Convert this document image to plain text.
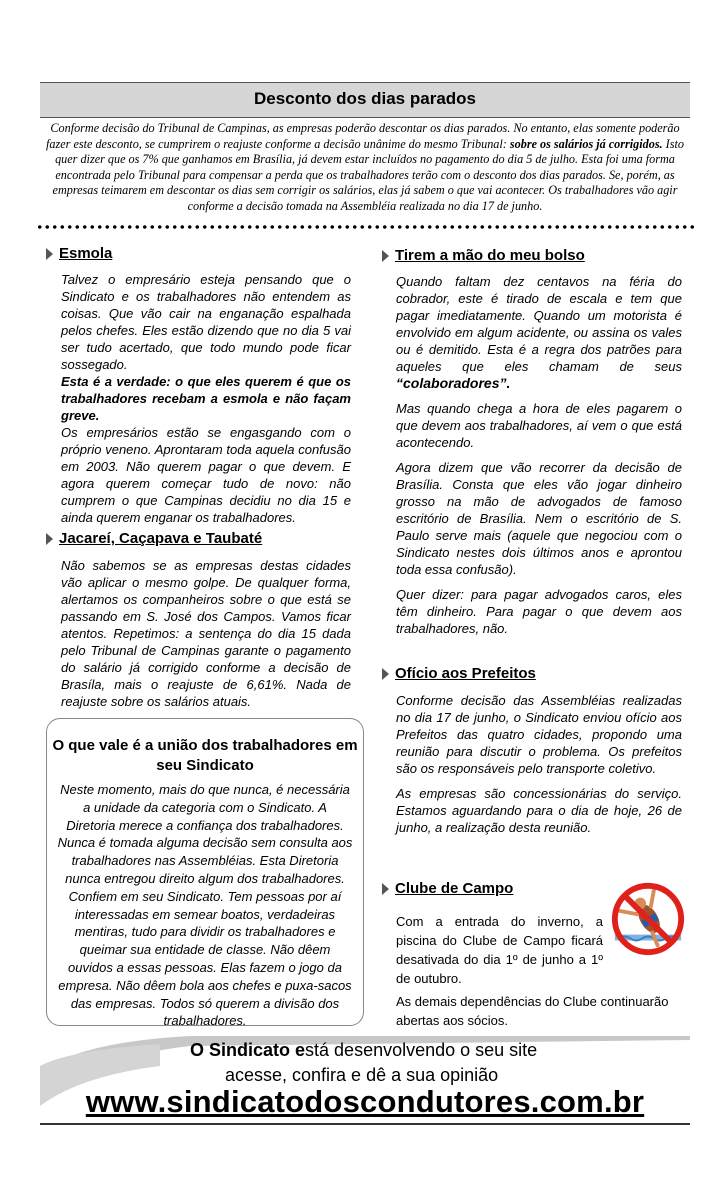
Desconto dos dias parados
Conforme decisão do Tribunal de Campinas, as empresas poderão descontar os dias parados. No entanto, elas somente poderão fazer este desconto, se cumprirem o reajuste conforme a decisão unânime do mesmo Tribunal: sobre os salários já corrigidos. Isto quer dizer que os 7% que ganhamos em Brasília, já devem estar incluídos no pagamento do dia 5 de julho. Esta foi uma forma encontrada pelo Tribunal para compensar a perda que os trabalhadores terão com o desconto dos dias parados. Se, porém, as empresas teimarem em descontar os dias sem corrigir os salários, elas já sabem o que vai acontecer. Os trabalhadores vão agir conforme a decisão tomada na Assembléia realizada no dia 17 de junho.
Esmola

Talvez o empresário esteja pensando que o Sindicato e os trabalhadores não entendem as coisas. Que vão cair na enganação espalhada pelos chefes. Eles estão dizendo que no dia 5 vai ser tudo acertado, que todo mundo pode ficar sossegado.

Esta é a verdade: o que eles querem é que os trabalhadores recebam a esmola e não façam greve.

Os empresários estão se engasgando com o próprio veneno. Aprontaram toda aquela confusão em 2003. Não querem pagar o que devem. E agora querem começar tudo de novo: não cumprem o que Campinas decidiu no dia 15 e ainda querem enganar os trabalhadores.

Jacareí, Caçapava e Taubaté

Não sabemos se as empresas destas cidades vão aplicar o mesmo golpe. De qualquer forma, alertamos os companheiros sobre o que está se passando em S. José dos Campos. Vamos ficar atentos. Repetimos: a sentença do dia 15 dada pelo Tribunal de Campinas garante o pagamento do salário já corrigido conforme a decisão de Brasíla, mais o reajuste de 6,61%. Nada de reajuste sobre os salários atuais.

O que vale é a união dos trabalhadores em seu Sindicato
Neste momento, mais do que nunca, é necessária a unidade da categoria com o Sindicato. A Diretoria merece a confiança dos trabalhadores. Nunca é tomada alguma decisão sem consulta aos trabalhadores nas Assembléias. Esta Diretoria nunca entregou direito algum dos trabalhadores. Confiem em seu Sindicato. Tem pessoas por aí interessadas em semear boatos, verdadeiras mentiras, tudo para dividir os trabalhadores e queimar sua entidade de classe. Não dêem ouvidos a essas pessoas. Elas fazem o jogo da empresa. Não dêem bola aos chefes e puxa-sacos das empresas. Todos só querem a divisão dos trabalhadores.
Tirem a mão do meu bolso

Quando faltam dez centavos na féria do cobrador, este é tirado de escala e tem que pagar imediatamente. Quando um motorista é envolvido em algum acidente, ou assina os vales ou é demitido. Esta é a regra dos patrões para aqueles que eles chamam de seus “colaboradores”.

Mas quando chega a hora de eles pagarem o que devem aos trabalhadores, aí vem o que está acontecendo.

Agora dizem que vão recorrer da decisão de Brasília. Consta que eles vão jogar dinheiro grosso na mão de advogados de famoso escritório de Brasília. Nem o escritório de S. Paulo serve mais (aquele que negociou com o Sindicato nestes dois últimos anos e aprontou toda essa confusão).

Quer dizer: para pagar advogados caros, eles têm dinheiro. Para pagar o que devem aos trabalhadores, não.

Ofício aos Prefeitos

Conforme decisão das Assembléias realizadas no dia 17 de junho, o Sindicato enviou ofício aos Prefeitos das quatro cidades, propondo uma reunião para discutir o problema. Os prefeitos são os responsáveis pelo transporte coletivo.

As empresas são concessionárias do serviço. Estamos aguardando para o dia de hoje, 26 de junho, a realização desta reunião.

Clube de Campo
Com a entrada do inverno, a piscina do Clube de Campo ficará desativada do dia 1º de junho a 1º de outubro.
As demais dependências do Clube continuarão abertas aos sócios.
O Sindicato está desenvolvendo o seu site
acesse, confira e dê a sua opinião
www.sindicatodoscondutores.com.br
